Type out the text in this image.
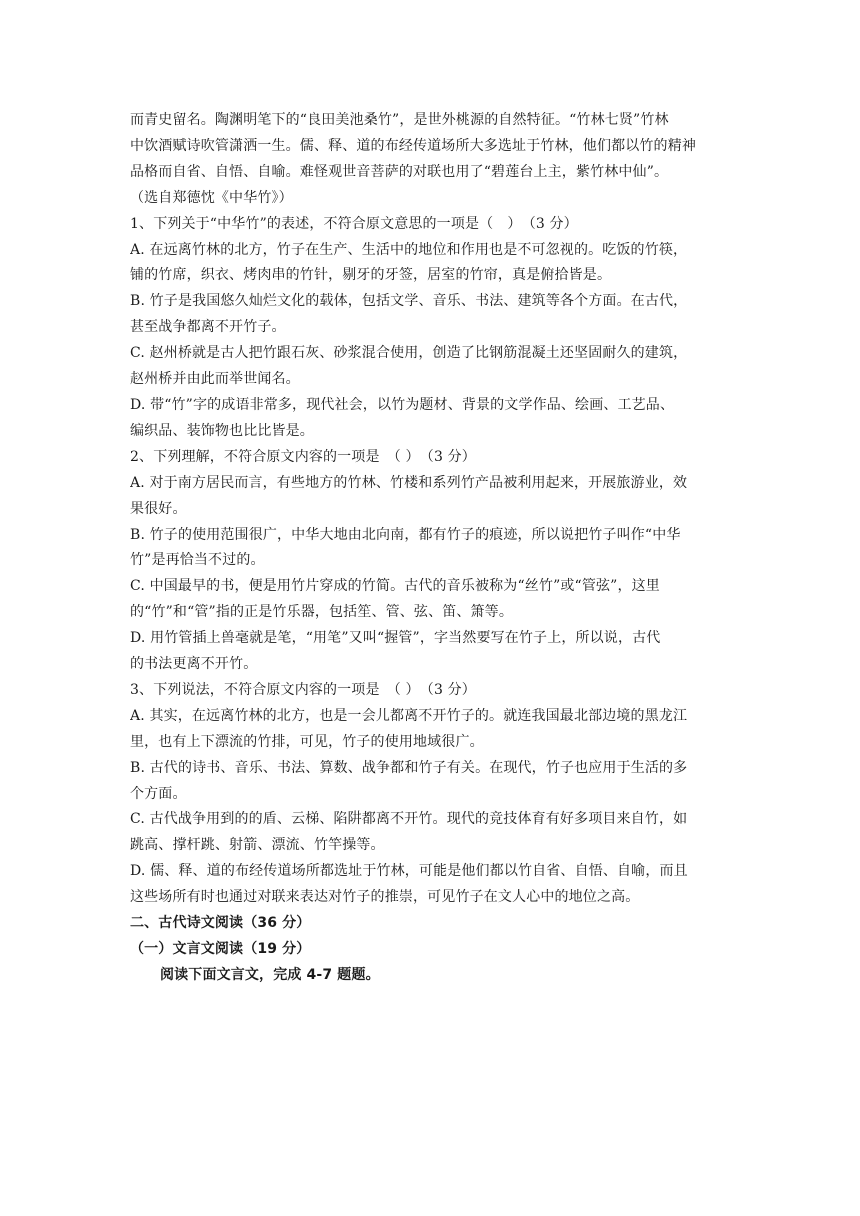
而青史留名。陶渊明笔下的“良田美池桑竹”，是世外桃源的自然特征。“竹林七贤”竹林
中饮酒赋诗吹管潇洒一生。儒、释、道的布经传道场所大多选址于竹林，他们都以竹的精神
品格而自省、自悟、自喻。难怪观世音菩萨的对联也用了“碧莲台上主，紫竹林中仙”。
（选自郑德忱《中华竹》）
1、下列关于“中华竹”的表述，不符合原文意思的一项是（　）　（3 分）
A. 在远离竹林的北方，竹子在生产、生活中的地位和作用也是不可忽视的。吃饭的竹筷，
铺的竹席，织衣、烤肉串的竹针，剔牙的牙签，居室的竹帘，真是俯拾皆是。
B. 竹子是我国悠久灿烂文化的载体，包括文学、音乐、书法、建筑等各个方面。在古代，
甚至战争都离不开竹子。
C. 赵州桥就是古人把竹跟石灰、砂浆混合使用，创造了比钢筋混凝土还坚固耐久的建筑，
赵州桥并由此而举世闻名。
D. 带“竹”字的成语非常多，现代社会，以竹为题材、背景的文学作品、绘画、工艺品、
编织品、装饰物也比比皆是。
2、下列理解，不符合原文内容的一项是　（ ）　（3 分）
A. 对于南方居民而言，有些地方的竹林、竹楼和系列竹产品被利用起来，开展旅游业，效
果很好。
B. 竹子的使用范围很广，中华大地由北向南，都有竹子的痕迹，所以说把竹子叫作“中华
竹”是再恰当不过的。
C. 中国最早的书，便是用竹片穿成的竹简。古代的音乐被称为“丝竹”或“管弦”，这里
的“竹”和“管”指的正是竹乐器，包括笙、管、弦、笛、箫等。
D. 用竹管插上兽毫就是笔，“用笔”又叫“握管”，字当然要写在竹子上，所以说，古代
的书法更离不开竹。
3、下列说法，不符合原文内容的一项是　（ ）　（3 分）
A. 其实，在远离竹林的北方，也是一会儿都离不开竹子的。就连我国最北部边境的黑龙江
里，也有上下漂流的竹排，可见，竹子的使用地域很广。
B. 古代的诗书、音乐、书法、算数、战争都和竹子有关。在现代，竹子也应用于生活的多
个方面。
C. 古代战争用到的的盾、云梯、陷阱都离不开竹。现代的竞技体育有好多项目来自竹，如
跳高、撑杆跳、射箭、漂流、竹竿操等。
D. 儒、释、道的布经传道场所都选址于竹林，可能是他们都以竹自省、自悟、自喻，而且
这些场所有时也通过对联来表达对竹子的推崇，可见竹子在文人心中的地位之高。
二、古代诗文阅读（36 分）
（一）文言文阅读（19 分）
阅读下面文言文，完成 4-7 题题。
